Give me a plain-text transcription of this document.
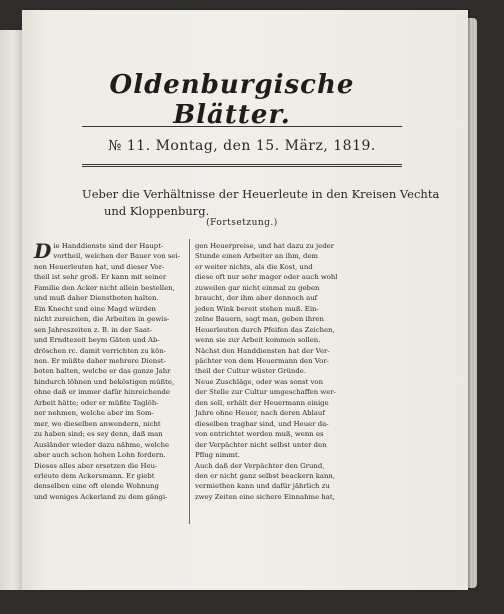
Oldenburgische Blätter.
№ 11. Montag, den 15. März, 1819.
Ueber die Verhältnisse der Heuerleute in den Kreisen Vechta
und Kloppenburg.
(Fortsetzung.)
D ie Handdienste sind der Haupt-
vortheil, welchen der Bauer von sei-
nen Heuerleuten hat, und dieser Vor-
theil ist sehr groß. Er kann mit seiner
Familie den Acker nicht allein bestellen,
und muß daher Dienstboten halten.
Ein Knecht und eine Magd würden
nicht zureichen, die Arbeiten in gewis-
sen Jahreszeiten z. B. in der Saat-
und Erndtezeit beym Gäten und Ab-
dröschen rc. damit verrichten zu kön-
nen. Er müßte daher mehrere Dienst-
boten halten, welche er das ganze Jahr
hindurch löhnen und beköstigen müßte,
ohne daß er immer dafür hinreichende
Arbeit hätte; oder er müßte Taglöh-
ner nehmen, welche aber im Som-
mer, wo dieselben anwendern, nicht
zu haben sind; es sey denn, daß man
Ausländer wieder dazu nähme, welche
aber auch schon hohen Lohn fordern.
Dieses alles aber ersetzen die Heu-
erleute dem Ackersmann. Er giebt
denselben eine oft elende Wohnung
und weniges Ackerland zu dem gängi-
gen Heuerpreise, und hat dazu zu jeder
Stunde einen Arbeiter an ihm, dem
er weiter nichts, als die Kost, und
diese oft nur sehr mager oder auch wohl
zuweilen gar nicht einmal zu geben
braucht, der ihm aber dennoch auf
jeden Wink bereit stehen muß. Ein-
zelne Bauern, sagt man, geben ihren
Heuerleuten durch Pfeifen das Zeichen,
wenn sie zur Arbeit kommen sollen.
Nächst den Handdiensten hat der Ver-
pächter von dem Heuermann den Vor-
theil der Cultur wüster Gründe.
Neue Zuschläge, oder was sonst von
der Stelle zur Cultur umgeschaffen wer-
den soll, erhält der Heuermann einige
Jahre ohne Heuer, nach deren Ablauf
dieselben tragbar sind, und Heuer da-
von entrichtet werden muß, wenn es
der Verpächter nicht selbst unter den
Pflug nimmt.
Auch daß der Verpächter den Grund,
den er nicht ganz selbst beackern kann,
vermiethen kann und dafür jährlich zu
zwey Zeiten eine sichere Einnahme hat,
